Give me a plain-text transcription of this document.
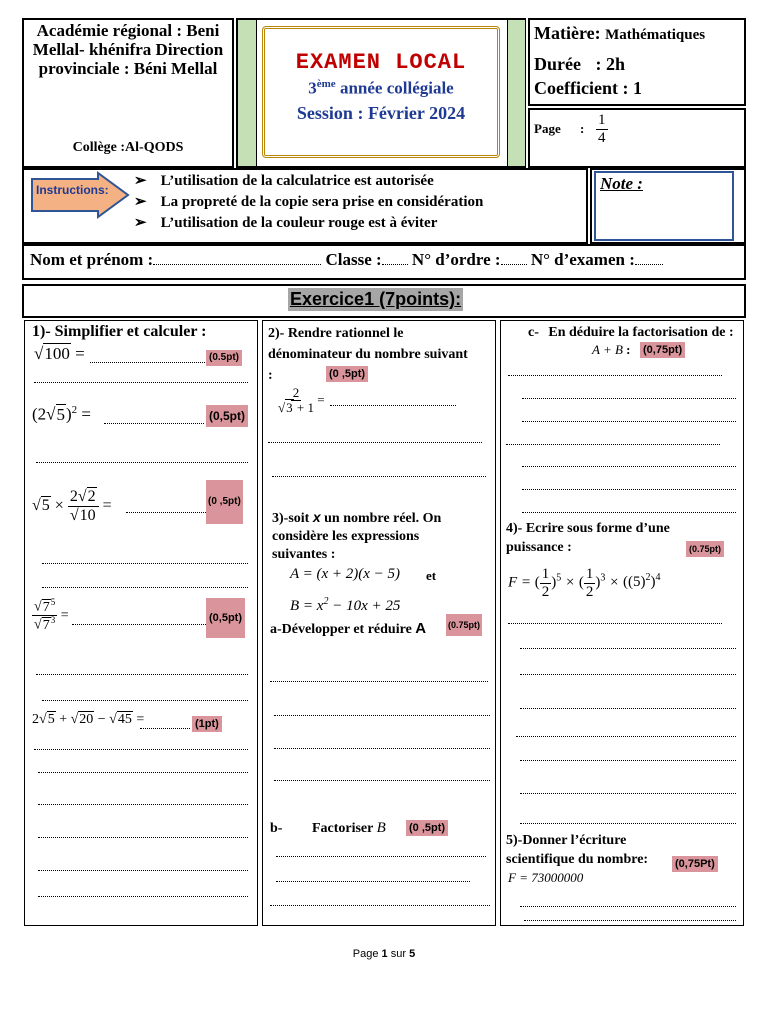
Académie régional : Beni Mellal- khénifra Direction provinciale : Béni Mellal
Collège :Al-QODS
EXAMEN LOCAL
3ème année collégiale
Session : Février 2024
Matière: Mathématiques
Durée : 2h
Coefficient : 1
Page : $\frac{1}{4}$
Instructions:
➢ L’utilisation de la calculatrice est autorisée
➢ La propreté de la copie sera prise en considération
➢ L’utilisation de la couleur rouge est à éviter
Note :
Nom et prénom :	Classe : N° d’ordre : N° d’examen :
Exercice1 (7points):
1)- Simplifier et calculer :
√100 =	(0.5pt)
$(2√5)^2$ =	(0,5pt)
$√5 \times \frac{2√2}{√10}$ =	(0 ,5pt)
$\frac{√7^5}{√7^3}$ =	(0,5pt)
2√5 + √20 − √45 =	(1pt)
2)- Rendre rationnel le dénominateur du nombre suivant :	(0 ,5pt)
$\frac{2}{√3 + 1}$ =
3)-soit x un nombre réel. On considère les expressions suivantes :
A = (x + 2)(x − 5) et
$B = x^2 - 10x + 25$
a-Développer et réduire A (0.75pt)
b- Factoriser B (0 ,5pt)
c- En déduire la factorisation de :
A + B : (0,75pt)
4)- Ecrire sous forme d’une puissance :	(0.75pt)
F = ( $\frac{1}{2} )^5$ × ( $\frac{1}{2} )^3 \times ((5)^2)^4$
5)-Donner l’écriture scientifique du nombre:	(0,75Pt)
F = 73000000
Page 1 sur 5
